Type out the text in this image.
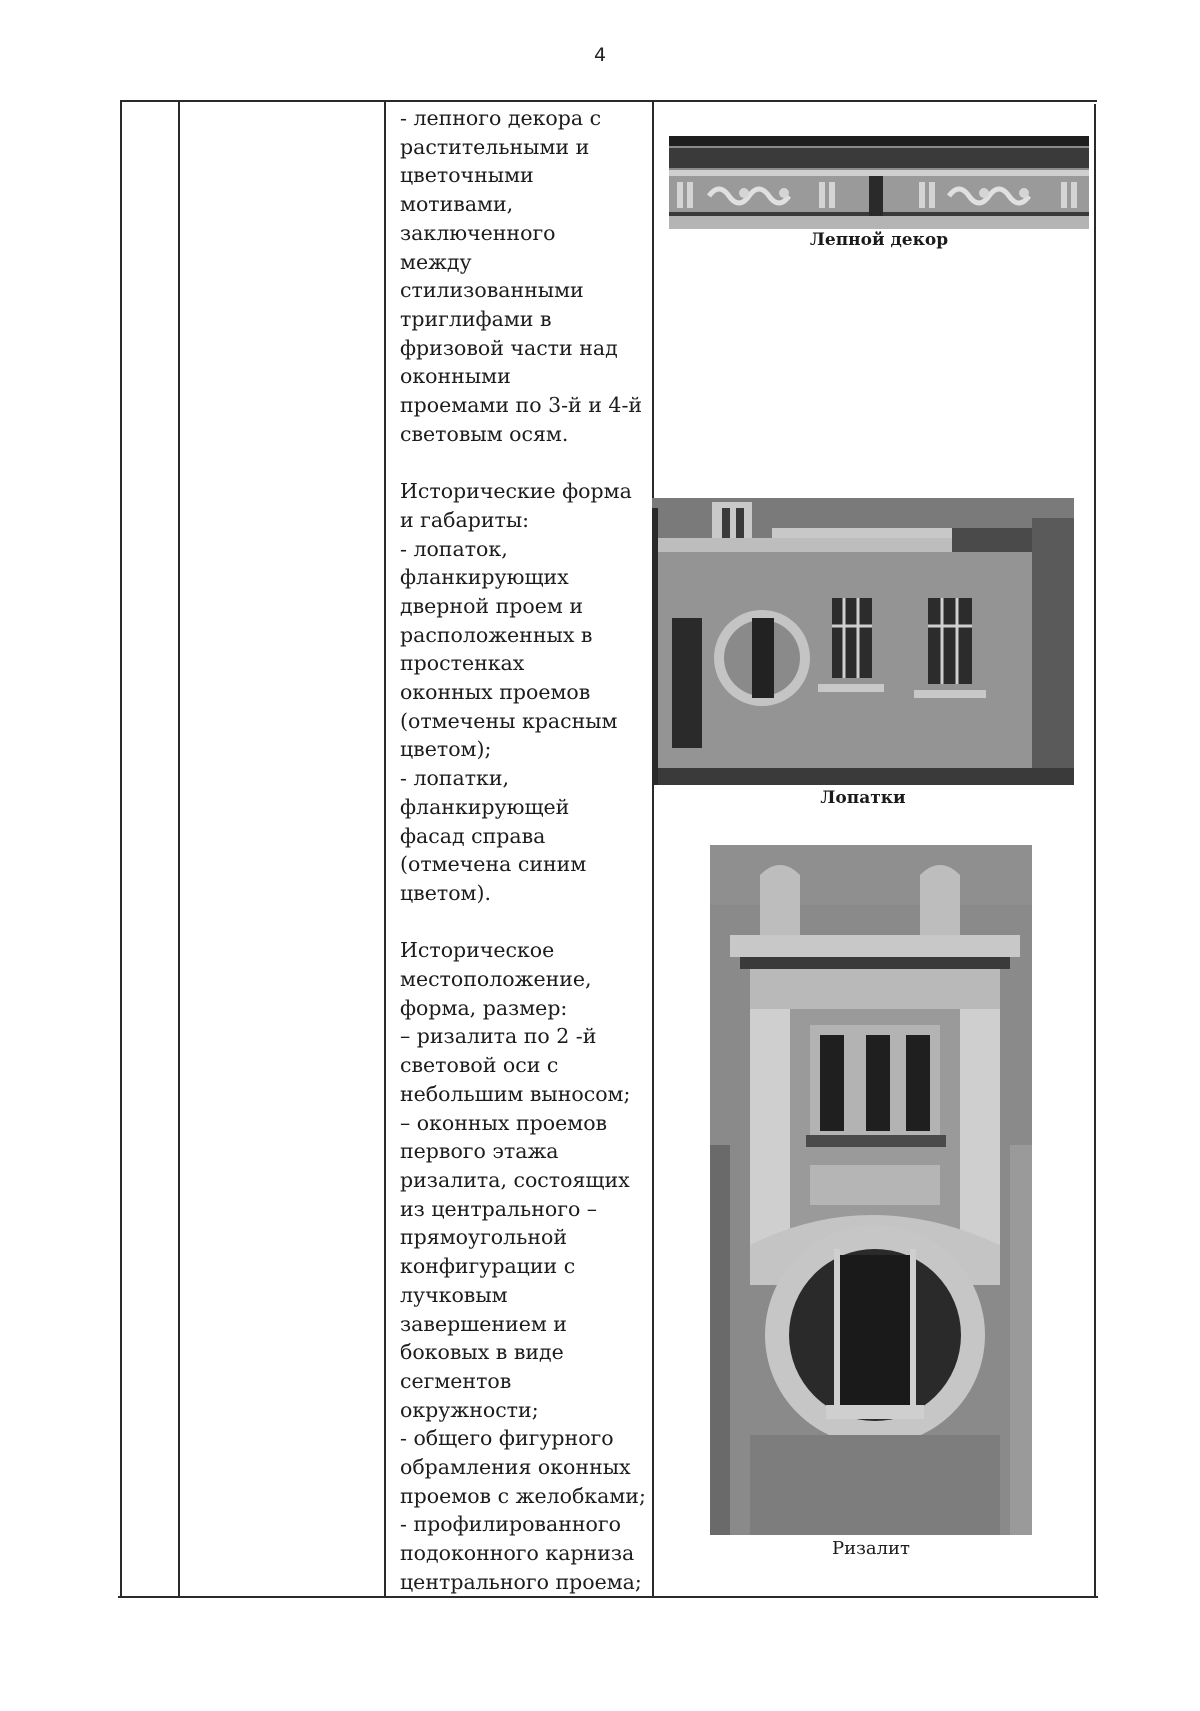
4
- лепного декора с
растительными и
цветочными
мотивами,
заключенного
между
стилизованными
триглифами в
фризовой части над
оконными
проемами по 3-й и 4-й
световым осям.
Исторические форма
и габариты:
- лопаток,
фланкирующих
дверной проем и
расположенных в
простенках
оконных проемов
(отмечены красным
цветом);
- лопатки,
фланкирующей
фасад справа
(отмечена синим
цветом).
Историческое
местоположение,
форма, размер:
– ризалита по 2 -й
световой оси с
небольшим выносом;
– оконных проемов
первого этажа
ризалита, состоящих
из центрального –
прямоугольной
конфигурации с
лучковым
завершением и
боковых в виде
сегментов
окружности;
- общего фигурного
обрамления оконных
проемов с желобками;
- профилированного
подоконного карниза
центрального проема;
Лепной декор
Лопатки
Ризалит
